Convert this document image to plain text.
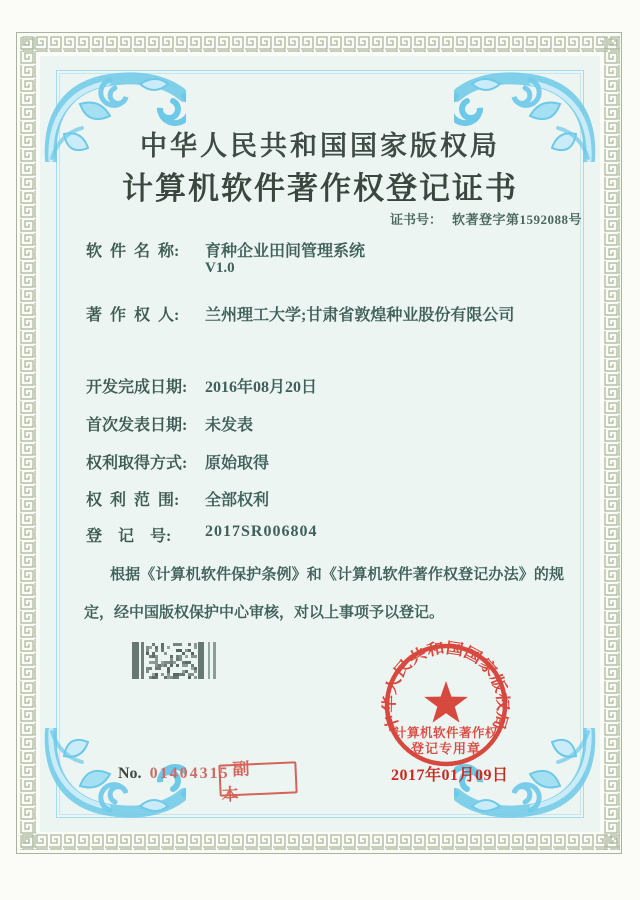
中华人民共和国国家版权局
计算机软件著作权登记证书
证书号： 软著登字第1592088号
软  件  名  称: 育种企业田间管理系统
V1.0
著  作  权  人: 兰州理工大学;甘肃省敦煌种业股份有限公司
开发完成日期: 2016年08月20日
首次发表日期: 未发表
权利取得方式: 原始取得
权  利  范  围: 全部权利
登    记    号: 2017SR006804

根据《计算机软件保护条例》和《计算机软件著作权登记办法》的规定，经中国版权保护中心审核，对以上事项予以登记。

中华人民共和国国家版权局
计算机软件著作权
登记专用章
2017年01月09日
No. 01404315 副 本
